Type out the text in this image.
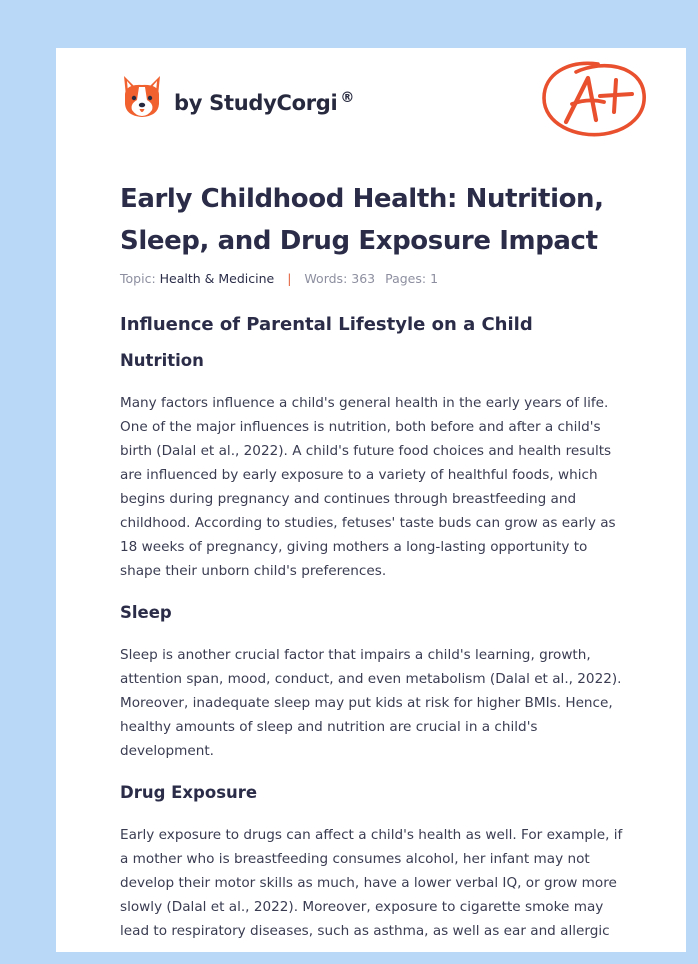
by StudyCorgi ®
Early Childhood Health: Nutrition, Sleep, and Drug Exposure Impact
Topic: Health & Medicine | Words: 363 Pages: 1
Influence of Parental Lifestyle on a Child
Nutrition

Many factors influence a child's general health in the early years of life. One of the major influences is nutrition, both before and after a child's birth (Dalal et al., 2022). A child's future food choices and health results are influenced by early exposure to a variety of healthful foods, which begins during pregnancy and continues through breastfeeding and childhood. According to studies, fetuses' taste buds can grow as early as 18 weeks of pregnancy, giving mothers a long-lasting opportunity to shape their unborn child's preferences.

Sleep

Sleep is another crucial factor that impairs a child's learning, growth, attention span, mood, conduct, and even metabolism (Dalal et al., 2022). Moreover, inadequate sleep may put kids at risk for higher BMIs. Hence, healthy amounts of sleep and nutrition are crucial in a child's development.

Drug Exposure

Early exposure to drugs can affect a child's health as well. For example, if a mother who is breastfeeding consumes alcohol, her infant may not develop their motor skills as much, have a lower verbal IQ, or grow more slowly (Dalal et al., 2022). Moreover, exposure to cigarette smoke may lead to respiratory diseases, such as asthma, as well as ear and allergic
